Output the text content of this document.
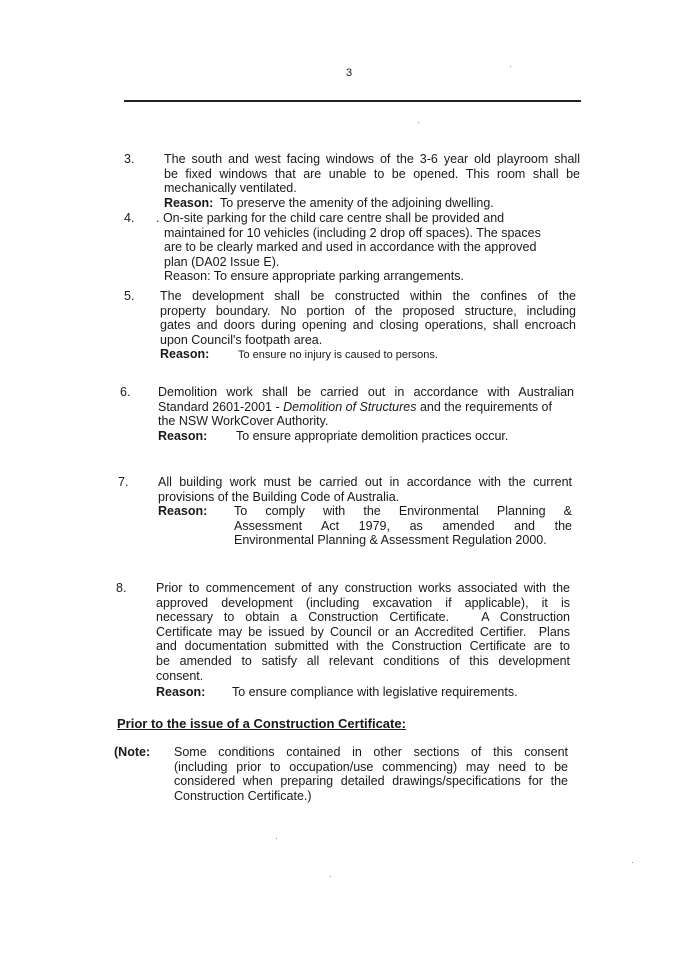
3
3. The south and west facing windows of the 3-6 year old playroom shall
be fixed windows that are unable to be opened. This room shall be
mechanically ventilated.
Reason: To preserve the amenity of the adjoining dwelling.
4. . On-site parking for the child care centre shall be provided and
maintained for 10 vehicles (including 2 drop off spaces). The spaces
are to be clearly marked and used in accordance with the approved
plan (DA02 Issue E).
Reason: To ensure appropriate parking arrangements.
5. The development shall be constructed within the confines of the
property boundary. No portion of the proposed structure, including
gates and doors during opening and closing operations, shall encroach
upon Council's footpath area.
Reason:	To ensure no injury is caused to persons.
6. Demolition work shall be carried out in accordance with Australian
Standard 2601-2001 - Demolition of Structures and the requirements of
the NSW WorkCover Authority.
Reason: To ensure appropriate demolition practices occur.
7. All building work must be carried out in accordance with the current
provisions of the Building Code of Australia.
Reason: To comply with the Environmental Planning &
Assessment Act 1979, as amended and the
Environmental Planning & Assessment Regulation 2000.
8. Prior to commencement of any construction works associated with the
approved development (including excavation if applicable), it is
necessary to obtain a Construction Certificate.   A Construction
Certificate may be issued by Council or an Accredited Certifier.  Plans
and documentation submitted with the Construction Certificate are to
be amended to satisfy all relevant conditions of this development
consent.
Reason: To ensure compliance with legislative requirements.
Prior to the issue of a Construction Certificate:
(Note: Some conditions contained in other sections of this consent
(including prior to occupation/use commencing) may need to be
considered when preparing detailed drawings/specifications for the
Construction Certificate.)
